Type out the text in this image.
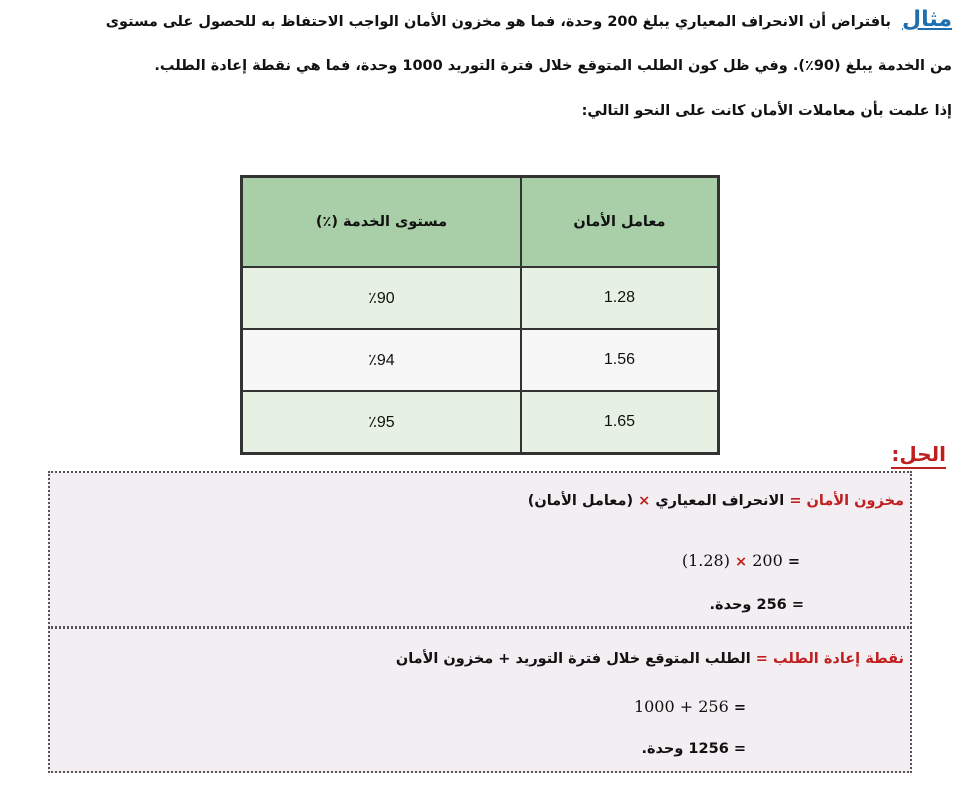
مثال بافتراض أن الانحراف المعياري يبلغ 200 وحدة، فما هو مخزون الأمان الواجب الاحتفاظ به للحصول على مستوى
من الخدمة يبلغ (90٪). وفي ظل كون الطلب المتوقع خلال فترة التوريد 1000 وحدة، فما هي نقطة إعادة الطلب.
إذا علمت بأن معاملات الأمان كانت على النحو التالي:
معامل الأمان	مستوى الخدمة (٪)
1.28	٪90
1.56	٪94
1.65	٪95
الحل:
مخزون الأمان = الانحراف المعياري × (معامل الأمان)
= 200 × (1.28)
= 256 وحدة.
نقطة إعادة الطلب = الطلب المتوقع خلال فترة التوريد + مخزون الأمان
= 1000 + 256
= 1256 وحدة.
